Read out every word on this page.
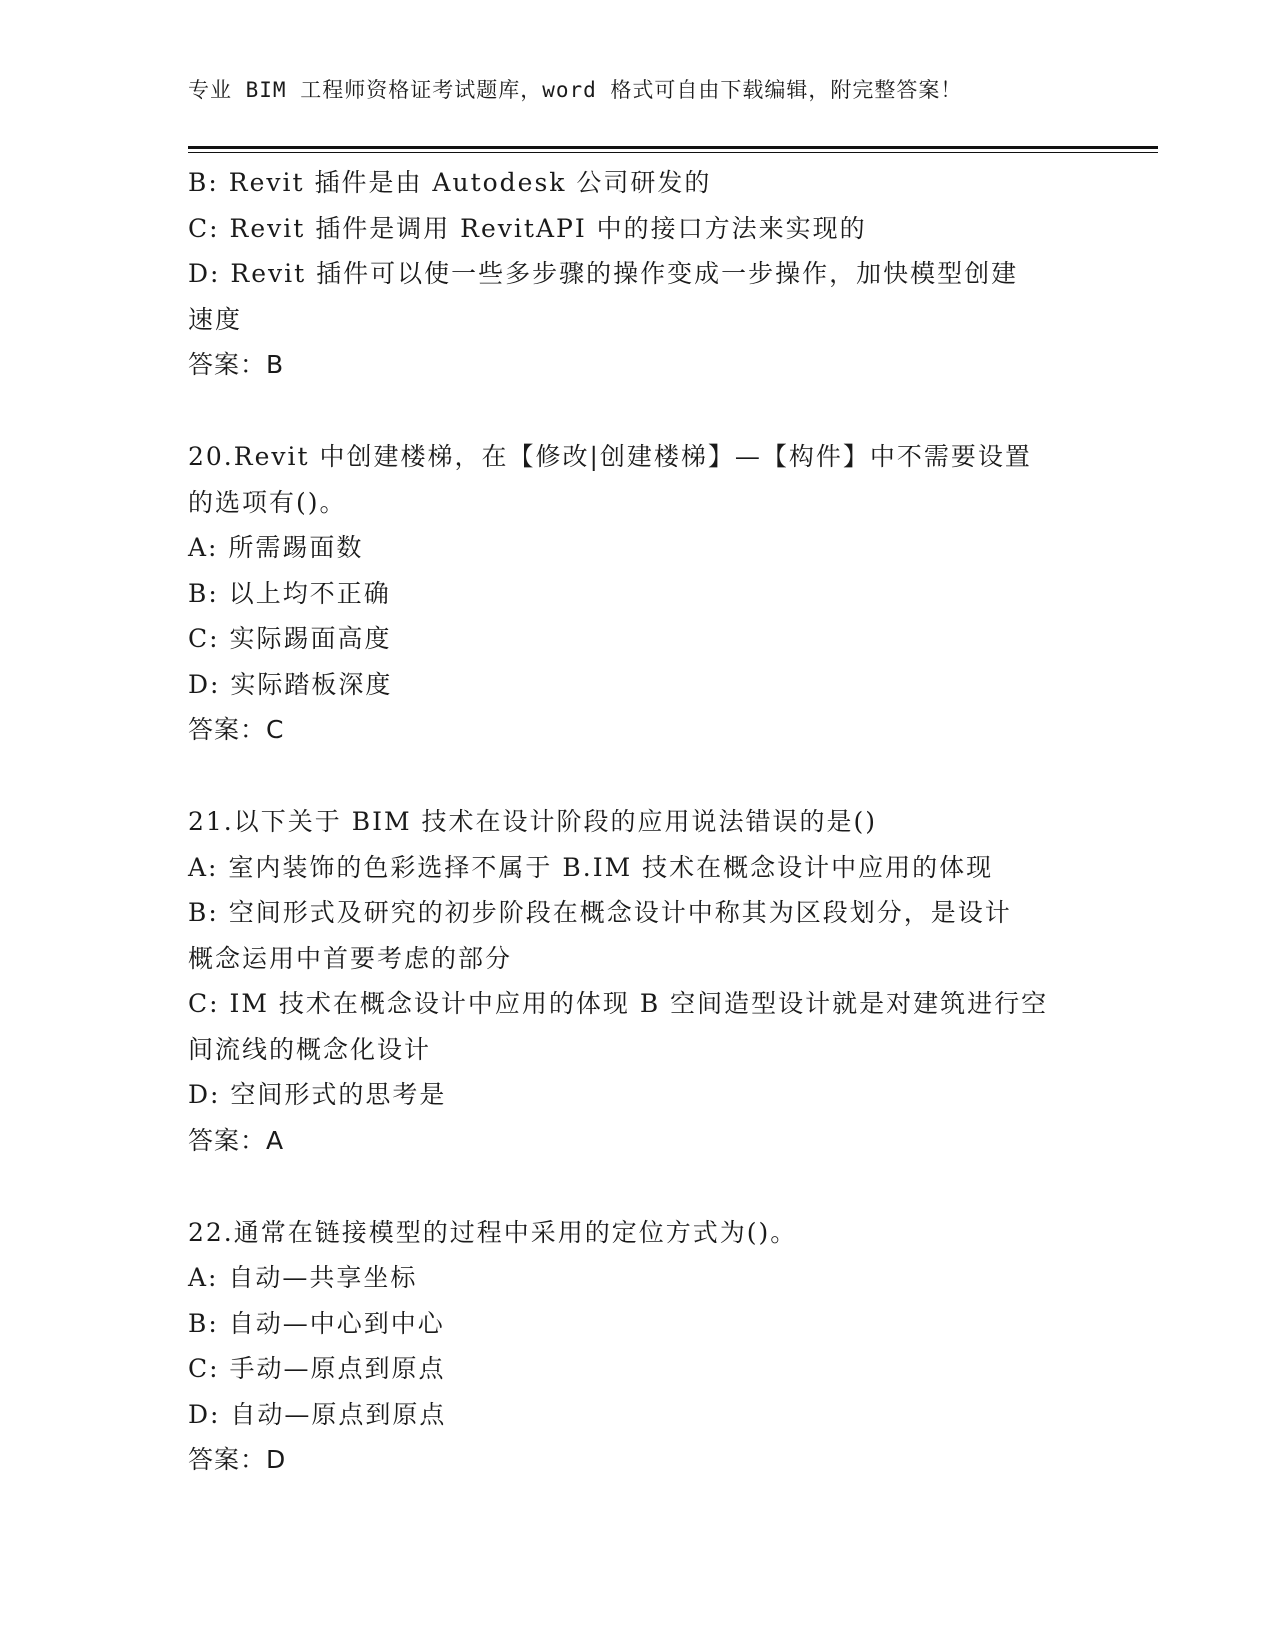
专业 BIM 工程师资格证考试题库，word 格式可自由下载编辑，附完整答案！
B: Revit 插件是由 Autodesk 公司研发的
C: Revit 插件是调用 RevitAPI 中的接口方法来实现的
D: Revit 插件可以使一些多步骤的操作变成一步操作，加快模型创建
速度
答案：B
20.Revit 中创建楼梯，在【修改|创建楼梯】—【构件】中不需要设置
的选项有()。
A: 所需踢面数
B: 以上均不正确
C: 实际踢面高度
D: 实际踏板深度
答案：C
21.以下关于 BIM 技术在设计阶段的应用说法错误的是()
A: 室内装饰的色彩选择不属于 B.IM 技术在概念设计中应用的体现
B: 空间形式及研究的初步阶段在概念设计中称其为区段划分，是设计
概念运用中首要考虑的部分
C: IM 技术在概念设计中应用的体现 B 空间造型设计就是对建筑进行空
间流线的概念化设计
D: 空间形式的思考是
答案：A
22.通常在链接模型的过程中采用的定位方式为()。
A: 自动—共享坐标
B: 自动—中心到中心
C: 手动—原点到原点
D: 自动—原点到原点
答案：D
